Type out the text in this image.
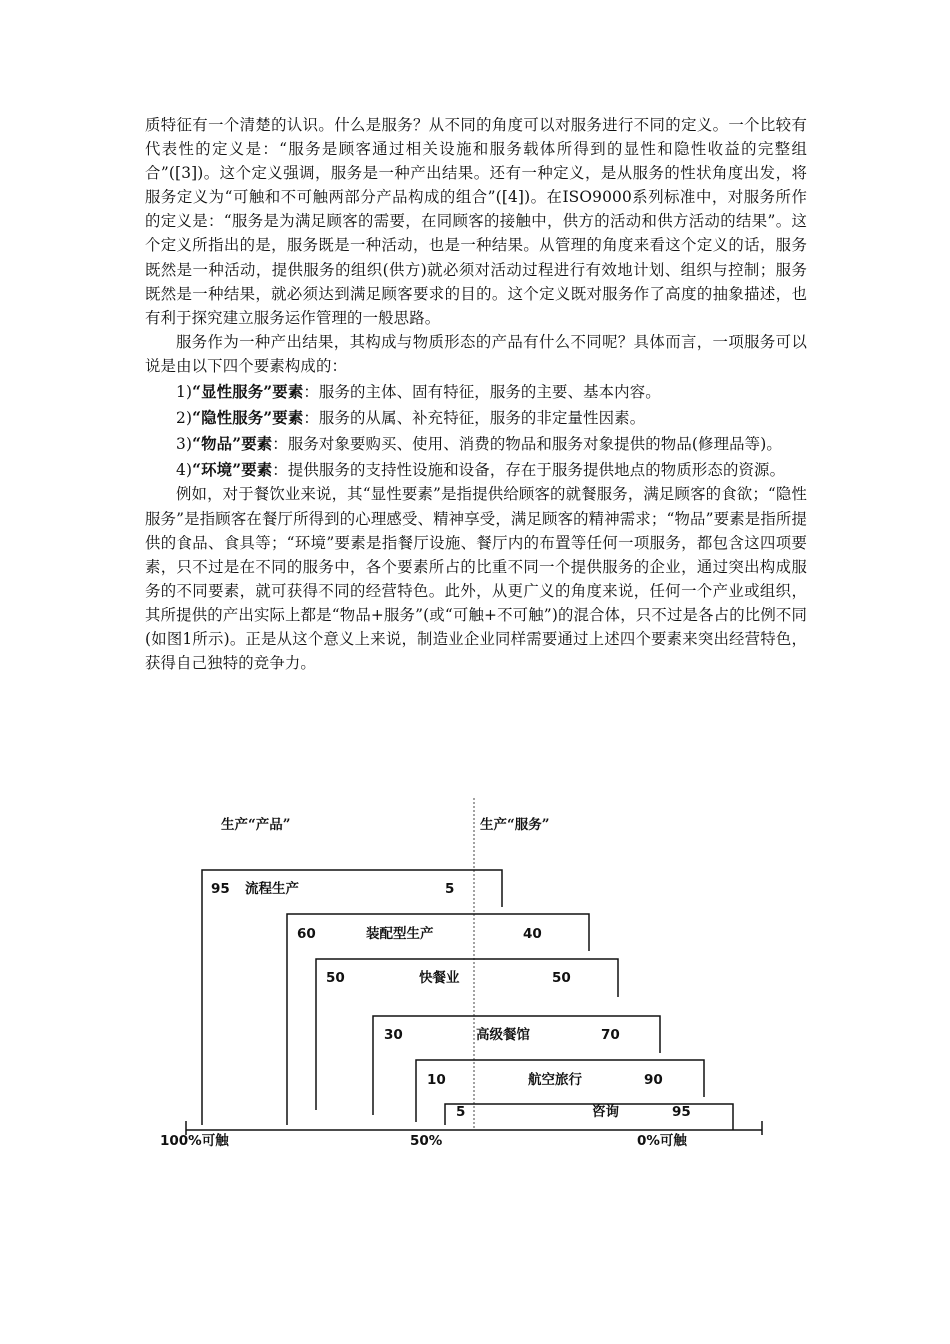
质特征有一个清楚的认识。什么是服务？从不同的角度可以对服务进行不同的定义。一个比较有代表性的定义是：“服务是顾客通过相关设施和服务载体所得到的显性和隐性收益的完整组合”([3])。这个定义强调，服务是一种产出结果。还有一种定义，是从服务的性状角度出发，将服务定义为“可触和不可触两部分产品构成的组合”([4])。在ISO9000系列标准中，对服务所作的定义是：“服务是为满足顾客的需要，在同顾客的接触中，供方的活动和供方活动的结果”。这个定义所指出的是，服务既是一种活动，也是一种结果。从管理的角度来看这个定义的话，服务既然是一种活动，提供服务的组织(供方)就必须对活动过程进行有效地计划、组织与控制；服务既然是一种结果，就必须达到满足顾客要求的目的。这个定义既对服务作了高度的抽象描述，也有利于探究建立服务运作管理的一般思路。

服务作为一种产出结果，其构成与物质形态的产品有什么不同呢？具体而言，一项服务可以说是由以下四个要素构成的：

1)“显性服务”要素：服务的主体、固有特征，服务的主要、基本内容。

2)“隐性服务”要素：服务的从属、补充特征，服务的非定量性因素。

3)“物品”要素：服务对象要购买、使用、消费的物品和服务对象提供的物品(修理品等)。

4)“环境”要素：提供服务的支持性设施和设备，存在于服务提供地点的物质形态的资源。

例如，对于餐饮业来说，其“显性要素”是指提供给顾客的就餐服务，满足顾客的食欲；“隐性服务”是指顾客在餐厅所得到的心理感受、精神享受，满足顾客的精神需求；“物品”要素是指所提供的食品、食具等；“环境”要素是指餐厅设施、餐厅内的布置等任何一项服务，都包含这四项要素，只不过是在不同的服务中，各个要素所占的比重不同一个提供服务的企业，通过突出构成服务的不同要素，就可获得不同的经营特色。此外，从更广义的角度来说，任何一个产业或组织，其所提供的产出实际上都是“物品+服务”(或“可触+不可触”)的混合体，只不过是各占的比例不同(如图1所示)。正是从这个意义上来说，制造业企业同样需要通过上述四个要素来突出经营特色，获得自己独特的竞争力。

生产“产品”	生产“服务”
95 流程生产	5
60	装配型生产	40
50	快餐业	50
30	高级餐馆	70
10	航空旅行	90
5	咨询	95
100%可触	50%	0%可触
